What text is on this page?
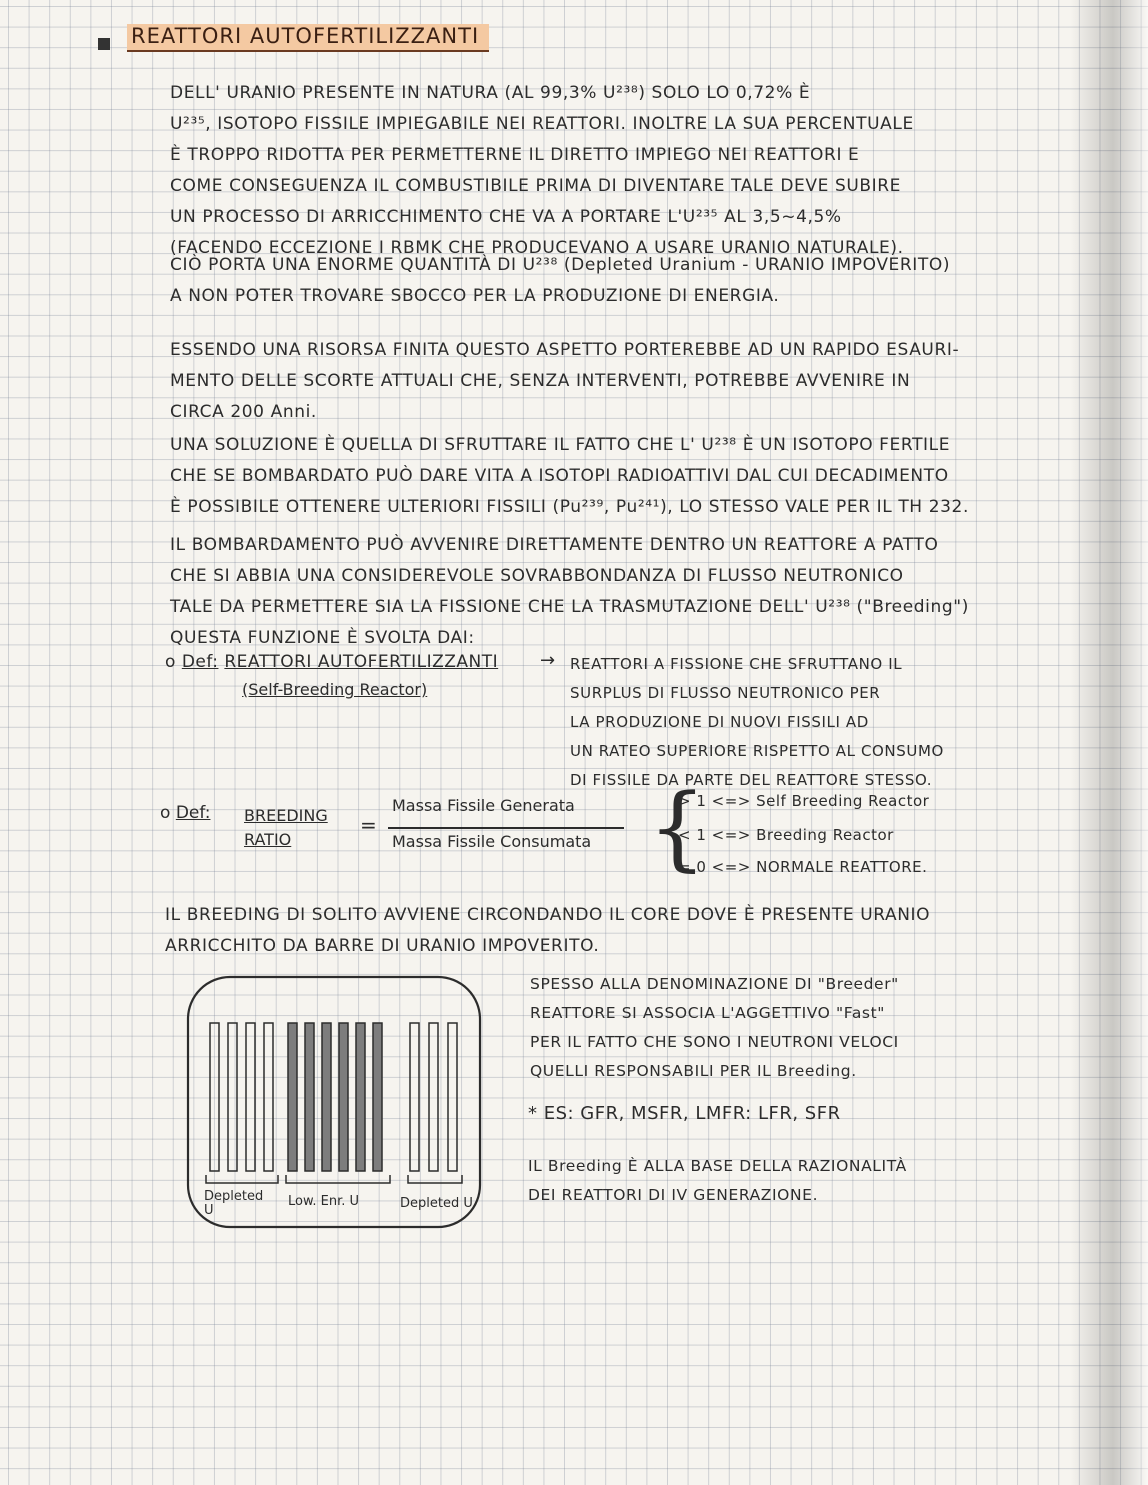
REATTORI AUTOFERTILIZZANTI
DELL' URANIO PRESENTE IN NATURA (AL 99,3% U²³⁸) SOLO LO 0,72% È
U²³⁵, ISOTOPO FISSILE IMPIEGABILE NEI REATTORI. INOLTRE LA SUA PERCENTUALE
È TROPPO RIDOTTA PER PERMETTERNE IL DIRETTO IMPIEGO NEI REATTORI E
COME CONSEGUENZA IL COMBUSTIBILE PRIMA DI DIVENTARE TALE DEVE SUBIRE
UN PROCESSO DI ARRICCHIMENTO CHE VA A PORTARE L'U²³⁵ AL 3,5~4,5%
(FACENDO ECCEZIONE I RBMK CHE PRODUCEVANO A USARE URANIO NATURALE).
CIÒ PORTA UNA ENORME QUANTITÀ DI U²³⁸ (Depleted Uranium - URANIO IMPOVERITO)
A NON POTER TROVARE SBOCCO PER LA PRODUZIONE DI ENERGIA.
ESSENDO UNA RISORSA FINITA QUESTO ASPETTO PORTEREBBE AD UN RAPIDO ESAURI-
MENTO DELLE SCORTE ATTUALI CHE, SENZA INTERVENTI, POTREBBE AVVENIRE IN
CIRCA 200 Anni.
UNA SOLUZIONE È QUELLA DI SFRUTTARE IL FATTO CHE L' U²³⁸ È UN ISOTOPO FERTILE
CHE SE BOMBARDATO PUÒ DARE VITA A ISOTOPI RADIOATTIVI DAL CUI DECADIMENTO
È POSSIBILE OTTENERE ULTERIORI FISSILI (Pu²³⁹, Pu²⁴¹), LO STESSO VALE PER IL TH 232.
IL BOMBARDAMENTO PUÒ AVVENIRE DIRETTAMENTE DENTRO UN REATTORE A PATTO
CHE SI ABBIA UNA CONSIDEREVOLE SOVRABBONDANZA DI FLUSSO NEUTRONICO
TALE DA PERMETTERE SIA LA FISSIONE CHE LA TRASMUTAZIONE DELL' U²³⁸ ("Breeding")
QUESTA FUNZIONE È SVOLTA DAI:
o Def: REATTORI AUTOFERTILIZZANTI
(Self-Breeding Reactor)
→ REATTORI A FISSIONE CHE SFRUTTANO IL
SURPLUS DI FLUSSO NEUTRONICO PER
LA PRODUZIONE DI NUOVI FISSILI AD
UN RATEO SUPERIORE RISPETTO AL CONSUMO
DI FISSILE DA PARTE DEL REATTORE STESSO.
o Def: BREEDING
RATIO
=
Massa Fissile Generata
Massa Fissile Consumata {
> 1 <=> Self Breeding Reactor
< 1 <=> Breeding Reactor
= 0 <=> NORMALE REATTORE.
IL BREEDING DI SOLITO AVVIENE CIRCONDANDO IL CORE DOVE È PRESENTE URANIO
ARRICCHITO DA BARRE DI URANIO IMPOVERITO.
Depleted
U
Low. Enr. U	Depleted U
SPESSO ALLA DENOMINAZIONE DI "Breeder"
REATTORE SI ASSOCIA L'AGGETTIVO "Fast"
PER IL FATTO CHE SONO I NEUTRONI VELOCI
QUELLI RESPONSABILI PER IL Breeding.
* ES: GFR, MSFR, LMFR: LFR, SFR
IL Breeding È ALLA BASE DELLA RAZIONALITÀ
DEI REATTORI DI IV GENERAZIONE.
